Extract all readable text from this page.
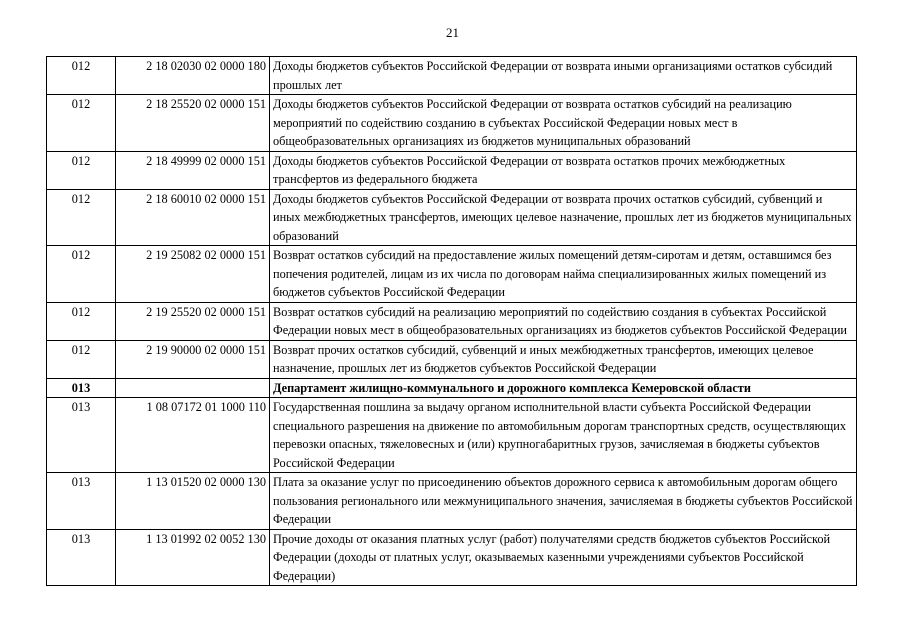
21
012	2 18 02030 02 0000 180	Доходы бюджетов субъектов Российской Федерации от возврата иными организациями остатков субсидий прошлых лет
012	2 18 25520 02 0000 151	Доходы бюджетов субъектов Российской Федерации от возврата остатков субсидий на реализацию мероприятий по содействию созданию в субъектах Российской Федерации новых мест в общеобразовательных организациях из бюджетов муниципальных образований
012	2 18 49999 02 0000 151	Доходы бюджетов субъектов Российской Федерации от возврата остатков прочих межбюджетных трансфертов из федерального бюджета
012	2 18 60010 02 0000 151	Доходы бюджетов субъектов Российской Федерации от возврата прочих остатков субсидий, субвенций и иных межбюджетных трансфертов, имеющих целевое назначение, прошлых лет из бюджетов муниципальных образований
012	2 19 25082 02 0000 151	Возврат остатков субсидий на предоставление жилых помещений детям-сиротам и детям, оставшимся без попечения родителей, лицам из их числа по договорам найма специализированных жилых помещений из бюджетов субъектов Российской Федерации
012	2 19 25520 02 0000 151	Возврат остатков субсидий на реализацию мероприятий по содействию создания в субъектах Российской Федерации новых мест в общеобразовательных организациях из бюджетов субъектов Российской Федерации
012	2 19 90000 02 0000 151	Возврат прочих остатков субсидий, субвенций и иных межбюджетных трансфертов, имеющих целевое назначение, прошлых лет из бюджетов субъектов Российской Федерации
013		Департамент жилищно-коммунального и дорожного комплекса Кемеровской области
013	1 08 07172 01 1000 110	Государственная пошлина за выдачу органом исполнительной власти субъекта Российской Федерации специального разрешения на движение по автомобильным дорогам транспортных средств, осуществляющих перевозки опасных, тяжеловесных и (или) крупногабаритных грузов, зачисляемая в бюджеты субъектов Российской Федерации
013	1 13 01520 02 0000 130	Плата за оказание услуг по присоединению объектов дорожного сервиса к автомобильным дорогам общего пользования регионального или межмуниципального значения, зачисляемая в бюджеты субъектов Российской Федерации
013	1 13 01992 02 0052 130	Прочие доходы от оказания платных услуг (работ) получателями средств бюджетов субъектов Российской Федерации (доходы от платных услуг, оказываемых казенными учреждениями субъектов Российской Федерации)
